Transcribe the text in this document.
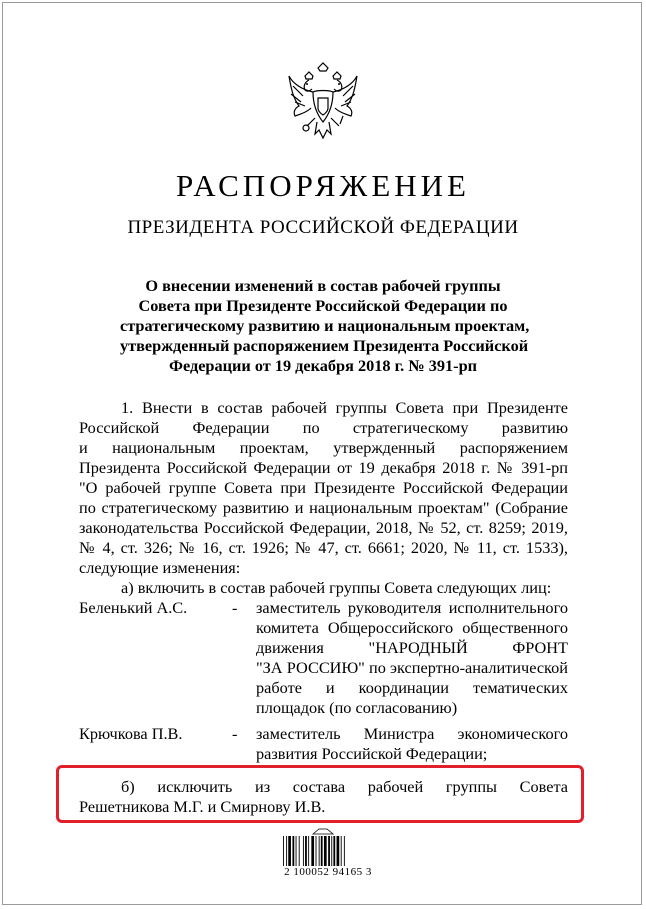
РАСПОРЯЖЕНИЕ
ПРЕЗИДЕНТА РОССИЙСКОЙ ФЕДЕРАЦИИ
О внесении изменений в состав рабочей группы
Совета при Президенте Российской Федерации по
стратегическому развитию и национальным проектам,
утвержденный распоряжением Президента Российской
Федерации от 19 декабря 2018 г. № 391-рп
1. Внести в состав рабочей группы Совета при Президенте
Российской Федерации по стратегическому развитию
и национальным проектам, утвержденный распоряжением
Президента Российской Федерации от 19 декабря 2018 г. № 391-рп
"О рабочей группе Совета при Президенте Российской Федерации
по стратегическому развитию и национальным проектам" (Собрание
законодательства Российской Федерации, 2018, № 52, ст. 8259; 2019,
№ 4, ст. 326; № 16, ст. 1926; № 47, ст. 6661; 2020, № 11, ст. 1533),
следующие изменения:
а) включить в состав рабочей группы Совета следующих лиц:
Беленький А.С.	- заместитель руководителя исполнительного
комитета Общероссийского общественного
движения "НАРОДНЫЙ ФРОНТ
"ЗА РОССИЮ" по экспертно-аналитической
работе и координации тематических
площадок (по согласованию)
Крючкова П.В.	- заместитель Министра экономического
развития Российской Федерации;
б) исключить из состава рабочей группы Совета
Решетникова М.Г. и Смирнову И.В.
2 100052 94165 3
